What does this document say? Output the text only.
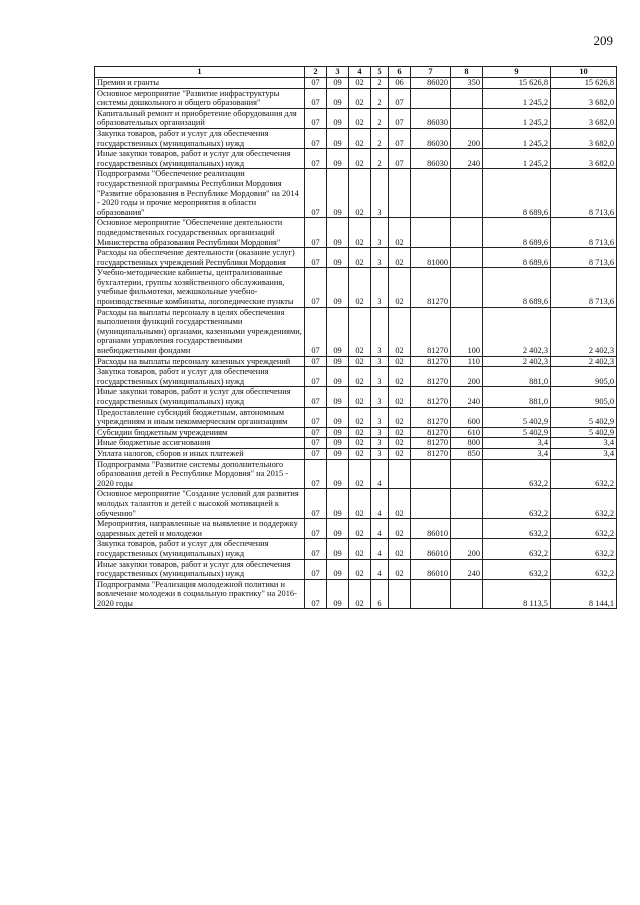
209
1	2	3	4	5	6	7	8	9	10
Премии и гранты	07	09	02	2	06	86020	350	15 626,8	15 626,8
Основное мероприятие "Развитие инфраструктуры системы дошкольного и общего образования"	07	09	02	2	07			1 245,2	3 682,0
Капитальный ремонт и приобретение оборудования для образовательных организаций	07	09	02	2	07	86030		1 245,2	3 682,0
Закупка товаров, работ и услуг для обеспечения государственных (муниципальных) нужд	07	09	02	2	07	86030	200	1 245,2	3 682,0
Иные закупки товаров, работ и услуг для обеспечения государственных (муниципальных) нужд	07	09	02	2	07	86030	240	1 245,2	3 682,0
Подпрограмма "Обеспечение реализации государственной программы Республики Мордовия "Развитие образования в Республике Мордовия" на 2014 - 2020 годы и прочие мероприятия в области образования"	07	09	02	3				8 689,6	8 713,6
Основное мероприятие "Обеспечение деятельности подведомственных государственных организаций Министерства образования Республики Мордовия"	07	09	02	3	02			8 689,6	8 713,6
Расходы на обеспечение деятельности (оказание услуг) государственных учреждений Республики Мордовия	07	09	02	3	02	81000		8 689,6	8 713,6
Учебно-методические кабинеты, централизованные бухгалтерии, группы хозяйственного обслуживания, учебные фильмотеки, межшкольные учебно-производственные комбинаты, логопедические пункты	07	09	02	3	02	81270		8 689,6	8 713,6
Расходы на выплаты персоналу в целях обеспечения выполнения функций государственными (муниципальными) органами, казенными учреждениями, органами управления государственными внебюджетными фондами	07	09	02	3	02	81270	100	2 402,3	2 402,3
Расходы на выплаты персоналу казенных учреждений	07	09	02	3	02	81270	110	2 402,3	2 402,3
Закупка товаров, работ и услуг для обеспечения государственных (муниципальных) нужд	07	09	02	3	02	81270	200	881,0	905,0
Иные закупки товаров, работ и услуг для обеспечения государственных (муниципальных) нужд	07	09	02	3	02	81270	240	881,0	905,0
Предоставление субсидий бюджетным, автономным учреждениям и иным некоммерческим организациям	07	09	02	3	02	81270	600	5 402,9	5 402,9
Субсидии бюджетным учреждениям	07	09	02	3	02	81270	610	5 402,9	5 402,9
Иные бюджетные ассигнования	07	09	02	3	02	81270	800	3,4	3,4
Уплата налогов, сборов и иных платежей	07	09	02	3	02	81270	850	3,4	3,4
Подпрограмма "Развитие системы дополнительного образования детей в Республике Мордовия" на 2015 - 2020 годы	07	09	02	4				632,2	632,2
Основное мероприятие "Создание условий для развития молодых талантов и детей с высокой мотивацией к обучению"	07	09	02	4	02			632,2	632,2
Мероприятия, направленные на выявление и поддержку одаренных детей и молодежи	07	09	02	4	02	86010		632,2	632,2
Закупка товаров, работ и услуг для обеспечения государственных (муниципальных) нужд	07	09	02	4	02	86010	200	632,2	632,2
Иные закупки товаров, работ и услуг для обеспечения государственных (муниципальных) нужд	07	09	02	4	02	86010	240	632,2	632,2
Подпрограмма "Реализация молодежной политики и вовлечение молодежи в социальную практику" на 2016-2020 годы	07	09	02	6				8 113,5	8 144,1
